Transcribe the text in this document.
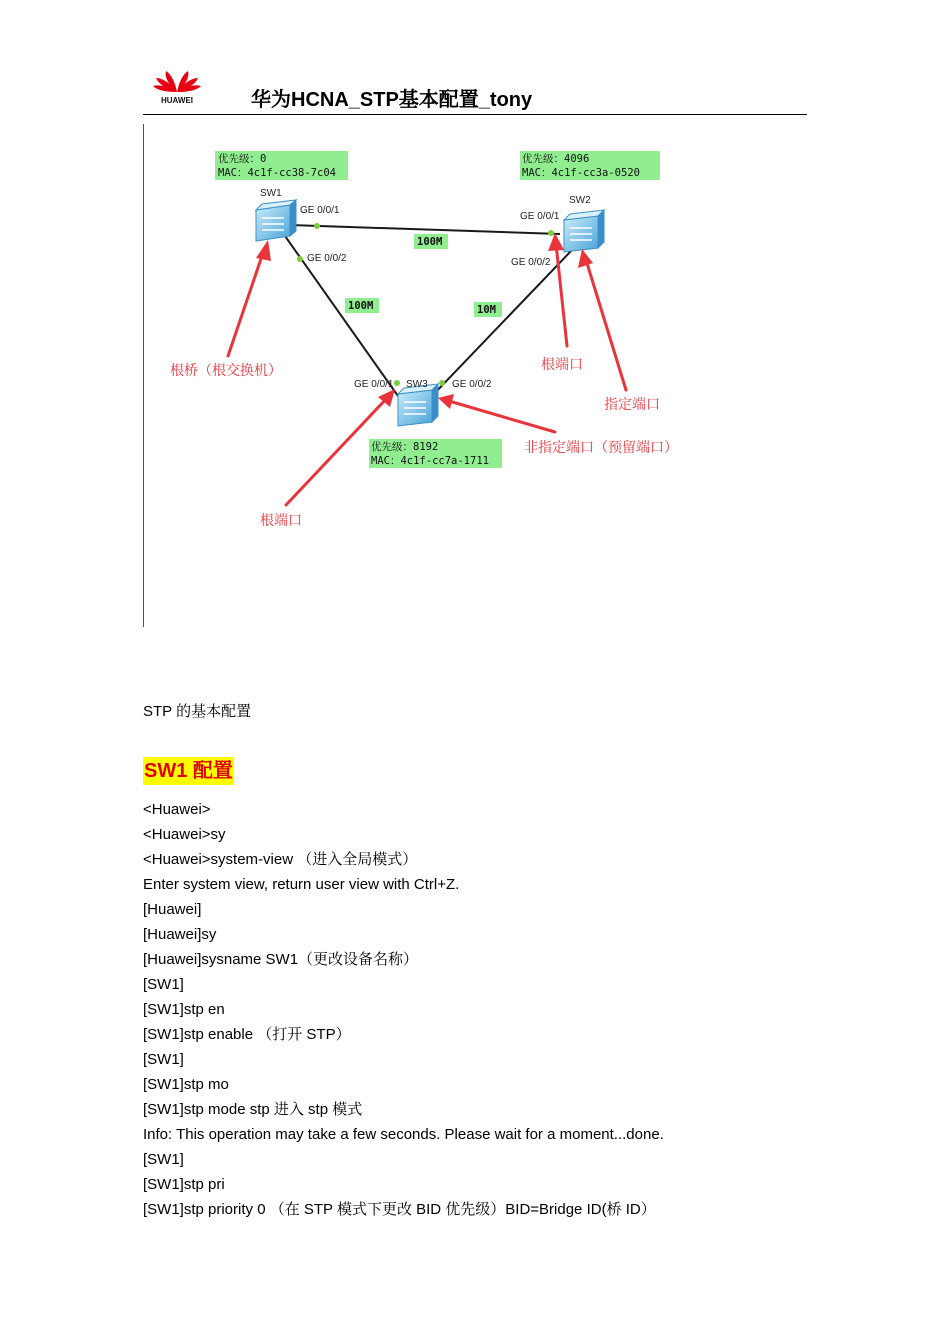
HUAWEI	华为HCNA_STP基本配置_tony
优先级：0
MAC：4c1f-cc38-7c04
优先级：4096
MAC：4c1f-cc3a-0520
优先级：8192
MAC：4c1f-cc7a-1711
100M
100M	10M
SW1
SW2
SW3
GE 0/0/1
GE 0/0/2
GE 0/0/1
GE 0/0/2
GE 0/0/1	GE 0/0/2
根桥（根交换机）	根端口
指定端口
非指定端口（预留端口）
根端口
STP 的基本配置
SW1 配置
<Huawei>
<Huawei>sy
<Huawei>system-view （进入全局模式）
Enter system view, return user view with Ctrl+Z.
[Huawei]
[Huawei]sy
[Huawei]sysname SW1（更改设备名称）
[SW1]
[SW1]stp en
[SW1]stp enable （打开 STP）
[SW1]
[SW1]stp mo
[SW1]stp mode stp 进入 stp 模式
Info: This operation may take a few seconds. Please wait for a moment...done.
[SW1]
[SW1]stp pri
[SW1]stp priority 0 （在 STP 模式下更改 BID 优先级）BID=Bridge ID(桥 ID）
